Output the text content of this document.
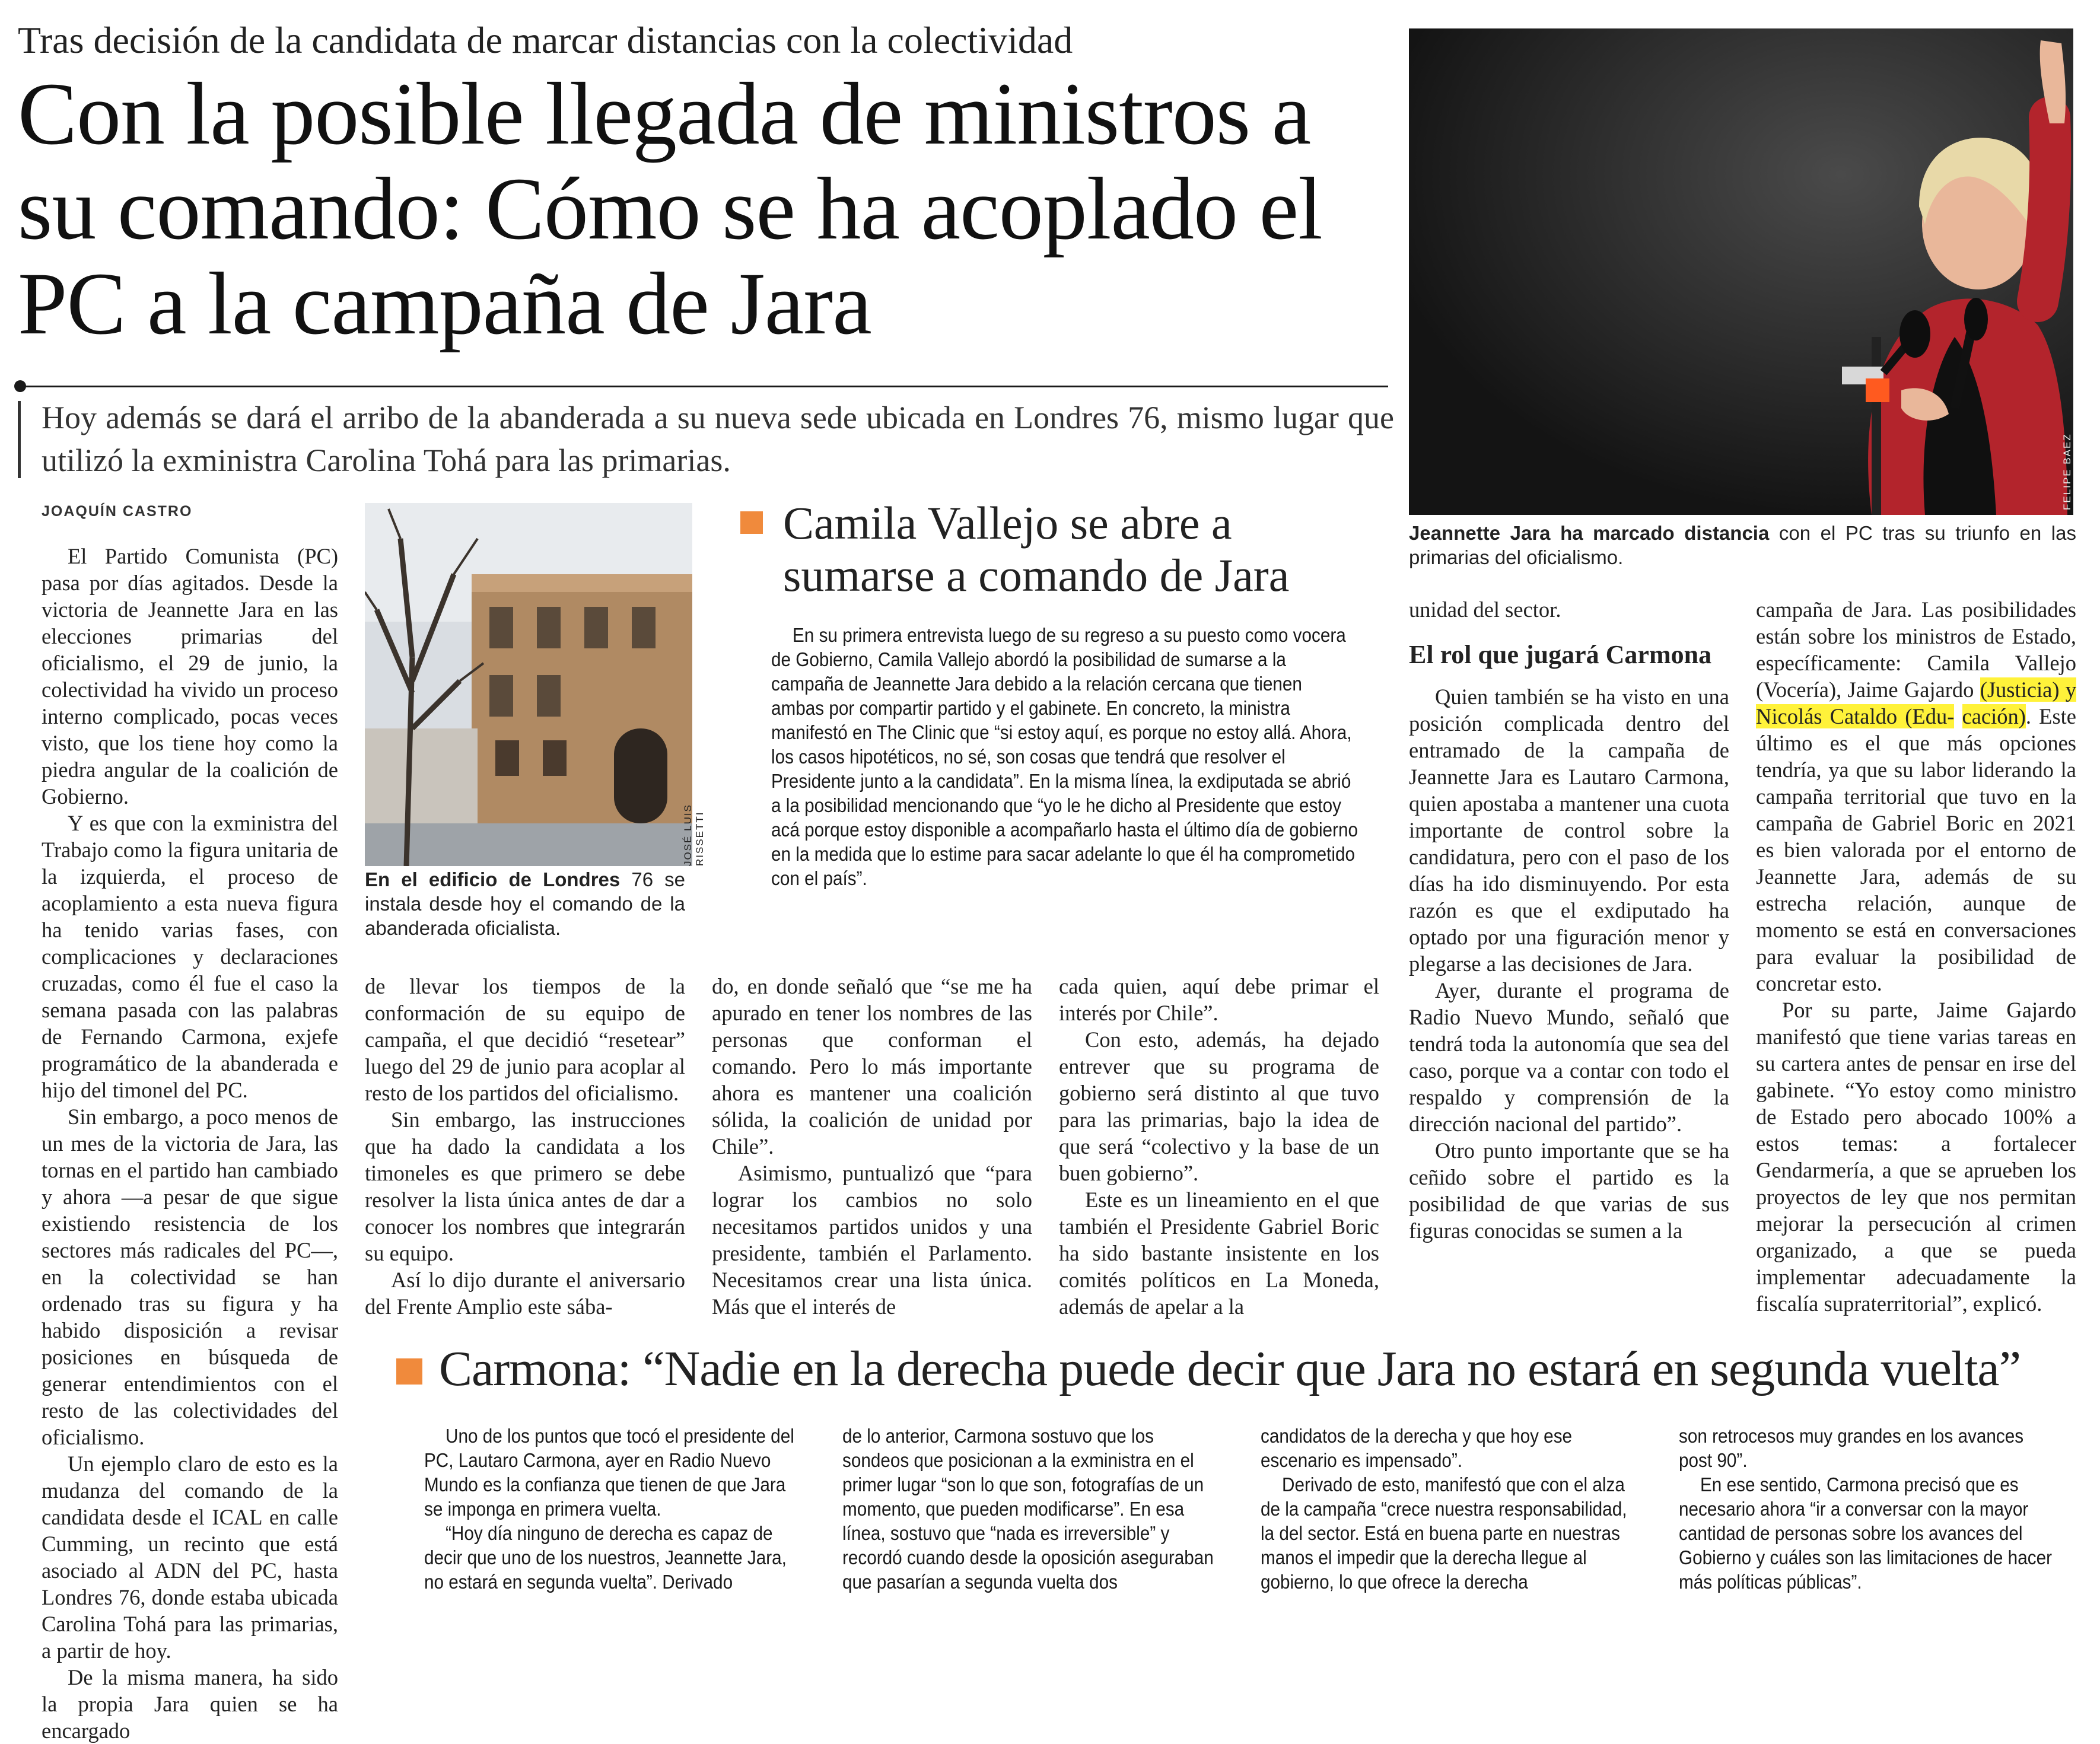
Tras decisión de la candidata de marcar distancias con la colectividad
Con la posible llegada de ministros a su comando: Cómo se ha acoplado el PC a la campaña de Jara
Hoy además se dará el arribo de la abanderada a su nueva sede ubicada en Londres 76, mismo lugar que utilizó la exministra Carolina Tohá para las primarias.
JOAQUÍN CASTRO

El Partido Comunista (PC) pasa por días agitados. Desde la victoria de Jeannette Jara en las elecciones primarias del oficialismo, el 29 de junio, la colectividad ha vivido un proceso interno complicado, pocas veces visto, que los tiene hoy como la piedra angular de la coalición de Gobierno.

Y es que con la exministra del Trabajo como la figura unitaria de la izquierda, el proceso de acoplamiento a esta nueva figura ha tenido varias fases, con complicaciones y declaraciones cruzadas, como él fue el caso la semana pasada con las palabras de Fernando Carmona, exjefe programático de la abanderada e hijo del timonel del PC.

Sin embargo, a poco menos de un mes de la victoria de Jara, las tornas en el partido han cambiado y ahora —a pesar de que sigue existiendo resistencia de los sectores más radicales del PC—, en la colectividad se han ordenado tras su figura y ha habido disposición a revisar posiciones en búsqueda de generar entendimientos con el resto de las colectividades del oficialismo.

Un ejemplo claro de esto es la mudanza del comando de la candidata desde el ICAL en calle Cumming, un recinto que está asociado al ADN del PC, hasta Londres 76, donde estaba ubicada Carolina Tohá para las primarias, a partir de hoy.

De la misma manera, ha sido la propia Jara quien se ha encargado

JOSÉ LUIS RISSETTI
En el edificio de Londres 76 se instala desde hoy el comando de la abanderada oficialista.
Camila Vallejo se abre a sumarse a comando de Jara

En su primera entrevista luego de su regreso a su puesto como vocera de Gobierno, Camila Vallejo abordó la posibilidad de sumarse a la campaña de Jeannette Jara debido a la relación cercana que tienen ambas por compartir partido y el gabinete. En concreto, la ministra manifestó en The Clinic que “si estoy aquí, es porque no estoy allá. Ahora, los casos hipotéticos, no sé, son cosas que tendrá que resolver el Presidente junto a la candidata”. En la misma línea, la exdiputada se abrió a la posibilidad mencionando que “yo le he dicho al Presidente que estoy acá porque estoy disponible a acompañarlo hasta el último día de gobierno en la medida que lo estime para sacar adelante lo que él ha comprometido con el país”.

de llevar los tiempos de la conformación de su equipo de campaña, el que decidió “resetear” luego del 29 de junio para acoplar al resto de los partidos del oficialismo.

Sin embargo, las instrucciones que ha dado la candidata a los timoneles es que primero se debe resolver la lista única antes de dar a conocer los nombres que integrarán su equipo.

Así lo dijo durante el aniversario del Frente Amplio este sába-

do, en donde señaló que “se me ha apurado en tener los nombres de las personas que conforman el comando. Pero lo más importante ahora es mantener una coalición sólida, la coalición de unidad por Chile”.

Asimismo, puntualizó que “para lograr los cambios no solo necesitamos partidos unidos y una presidente, también el Parlamento. Necesitamos crear una lista única. Más que el interés de

cada quien, aquí debe primar el interés por Chile”.

Con esto, además, ha dejado entrever que su programa de gobierno será distinto al que tuvo para las primarias, bajo la idea de que será “colectivo y la base de un buen gobierno”.

Este es un lineamiento en el que también el Presidente Gabriel Boric ha sido bastante insistente en los comités políticos en La Moneda, además de apelar a la

FELIPE BAEZ
Jeannette Jara ha marcado distancia con el PC tras su triunfo en las primarias del oficialismo.

unidad del sector.

El rol que jugará Carmona

Quien también se ha visto en una posición complicada dentro del entramado de la campaña de Jeannette Jara es Lautaro Carmona, quien apostaba a mantener una cuota importante de control sobre la candidatura, pero con el paso de los días ha ido disminuyendo. Por esta razón es que el exdiputado ha optado por una figuración menor y plegarse a las decisiones de Jara.

Ayer, durante el programa de Radio Nuevo Mundo, señaló que tendrá toda la autonomía que sea del caso, porque va a contar con todo el respaldo y comprensión de la dirección nacional del partido”.

Otro punto importante que se ha ceñido sobre el partido es la posibilidad de que varias de sus figuras conocidas se sumen a la

campaña de Jara. Las posibilidades están sobre los ministros de Estado, específicamente: Camila Vallejo (Vocería), Jaime Gajardo (Justicia) y Nicolás Cataldo (Edu- cación). Este último es el que más opciones tendría, ya que su labor liderando la campaña territorial que tuvo en la campaña de Gabriel Boric en 2021 es bien valorada por el entorno de Jeannette Jara, además de su estrecha relación, aunque de momento se está en conversaciones para evaluar la posibilidad de concretar esto.

Por su parte, Jaime Gajardo manifestó que tiene varias tareas en su cartera antes de pensar en irse del gabinete. “Yo estoy como ministro de Estado pero abocado 100% a estos temas: a fortalecer Gendarmería, a que se aprueben los proyectos de ley que nos permitan mejorar la persecución al crimen organizado, a que se pueda implementar adecuadamente la fiscalía supraterritorial”, explicó.

Carmona: “Nadie en la derecha puede decir que Jara no estará en segunda vuelta”

Uno de los puntos que tocó el presidente del PC, Lautaro Carmona, ayer en Radio Nuevo Mundo es la confianza que tienen de que Jara se imponga en primera vuelta.

“Hoy día ninguno de derecha es capaz de decir que uno de los nuestros, Jeannette Jara, no estará en segunda vuelta”. Derivado

de lo anterior, Carmona sostuvo que los sondeos que posicionan a la exministra en el primer lugar “son lo que son, fotografías de un momento, que pueden modificarse”. En esa línea, sostuvo que “nada es irreversible” y recordó cuando desde la oposición aseguraban que pasarían a segunda vuelta dos

candidatos de la derecha y que hoy ese escenario es impensado”.

Derivado de esto, manifestó que con el alza de la campaña “crece nuestra responsabilidad, la del sector. Está en buena parte en nuestras manos el impedir que la derecha llegue al gobierno, lo que ofrece la derecha

son retrocesos muy grandes en los avances post 90”.

En ese sentido, Carmona precisó que es necesario ahora “ir a conversar con la mayor cantidad de personas sobre los avances del Gobierno y cuáles son las limitaciones de hacer más políticas públicas”.
